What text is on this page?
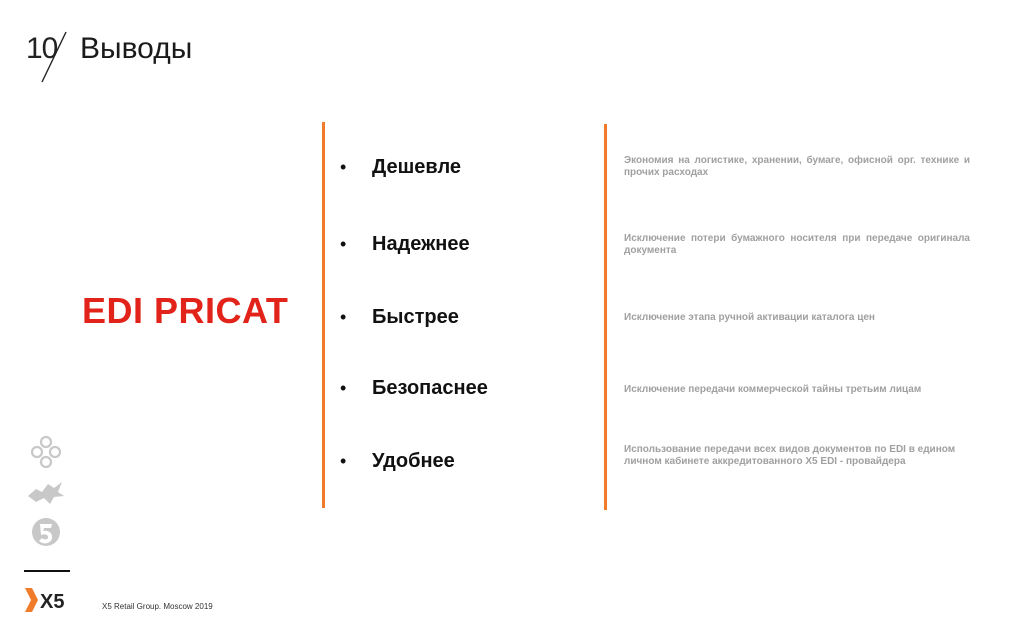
10 Выводы
EDI PRICAT
•	Дешевле
•	Надежнее
•	Быстрее
•	Безопаснее
•	Удобнее
Экономия на логистике, хранении, бумаге, офисной орг. технике и прочих расходах
Исключение потери бумажного носителя при передаче оригинала документа
Исключение этапа ручной активации каталога цен
Исключение передачи коммерческой тайны третьим лицам
Использование передачи всех видов документов по EDI в едином личном кабинете аккредитованного X5 EDI - провайдера
X5	X5 Retail Group. Moscow 2019
